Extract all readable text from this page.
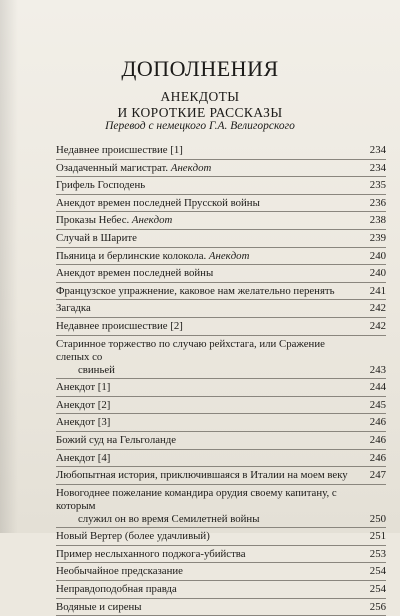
ДОПОЛНЕНИЯ
АНЕКДОТЫ
И КОРОТКИЕ РАССКАЗЫ
Перевод с немецкого Г.А. Велигорского
Недавнее происшествие [1]	234
Озадаченный магистрат. Анекдот	234
Грифель Господень	235
Анекдот времен последней Прусской войны	236
Проказы Небес. Анекдот	238
Случай в Шарите	239
Пьяница и берлинские колокола. Анекдот	240
Анекдот времен последней войны	240
Французское упражнение, каковое нам желательно перенять	241
Загадка	242
Недавнее происшествие [2]	242
Старинное торжество по случаю рейхстага, или Сражение слепых со
свиньей	243
Анекдот [1]	244
Анекдот [2]	245
Анекдот [3]	246
Божий суд на Гельголанде	246
Анекдот [4]	246
Любопытная история, приключившаяся в Италии на моем веку	247
Новогоднее пожелание командира орудия своему капитану, с которым
служил он во время Семилетней войны	250
Новый Вертер (более удачливый)	251
Пример неслыханного поджога-убийства	253
Необычайное предсказание	254
Неправдоподобная правда	254
Водяные и сирены	256
